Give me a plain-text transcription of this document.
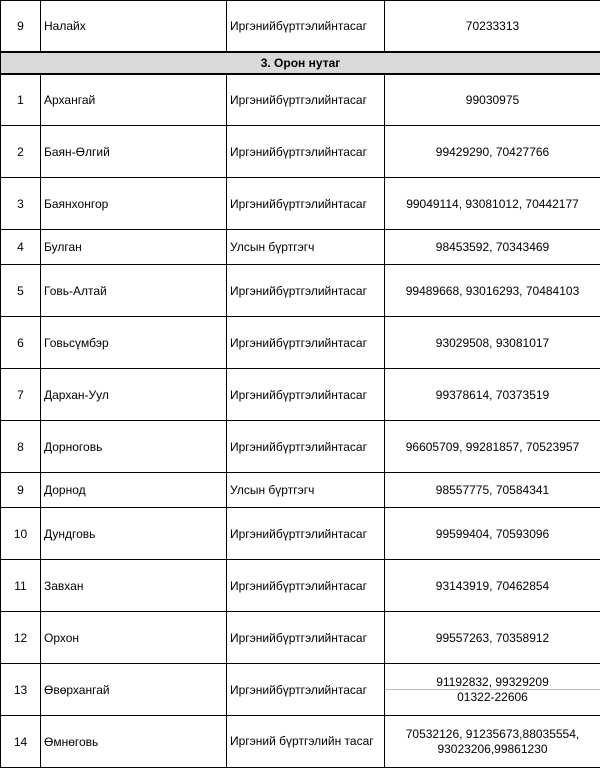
9	Налайх	Иргэнийбүртгэлийнтасаг	70233313
3. Орон нутаг			
1	Архангай	Иргэнийбүртгэлийнтасаг	99030975
2	Баян-Өлгий	Иргэнийбүртгэлийнтасаг	99429290, 70427766
3	Баянхонгор	Иргэнийбүртгэлийнтасаг	99049114, 93081012, 70442177
4	Булган	Улсын бүртгэгч	98453592, 70343469
5	Говь-Алтай	Иргэнийбүртгэлийнтасаг	99489668, 93016293, 70484103
6	Говьсүмбэр	Иргэнийбүртгэлийнтасаг	93029508, 93081017
7	Дархан-Уул	Иргэнийбүртгэлийнтасаг	99378614, 70373519
8	Дорноговь	Иргэнийбүртгэлийнтасаг	96605709, 99281857, 70523957
9	Дорнод	Улсын бүртгэгч	98557775, 70584341
10	Дундговь	Иргэнийбүртгэлийнтасаг	99599404, 70593096
11	Завхан	Иргэнийбүртгэлийнтасаг	93143919, 70462854
12	Орхон	Иргэнийбүртгэлийнтасаг	99557263, 70358912
13	Өвөрхангай	Иргэнийбүртгэлийнтасаг	91192832, 99329209
01322-22606

14	Өмнөговь	Иргэний бүртгэлийн тасаг	70532126, 91235673,88035554, 93023206,99861230
